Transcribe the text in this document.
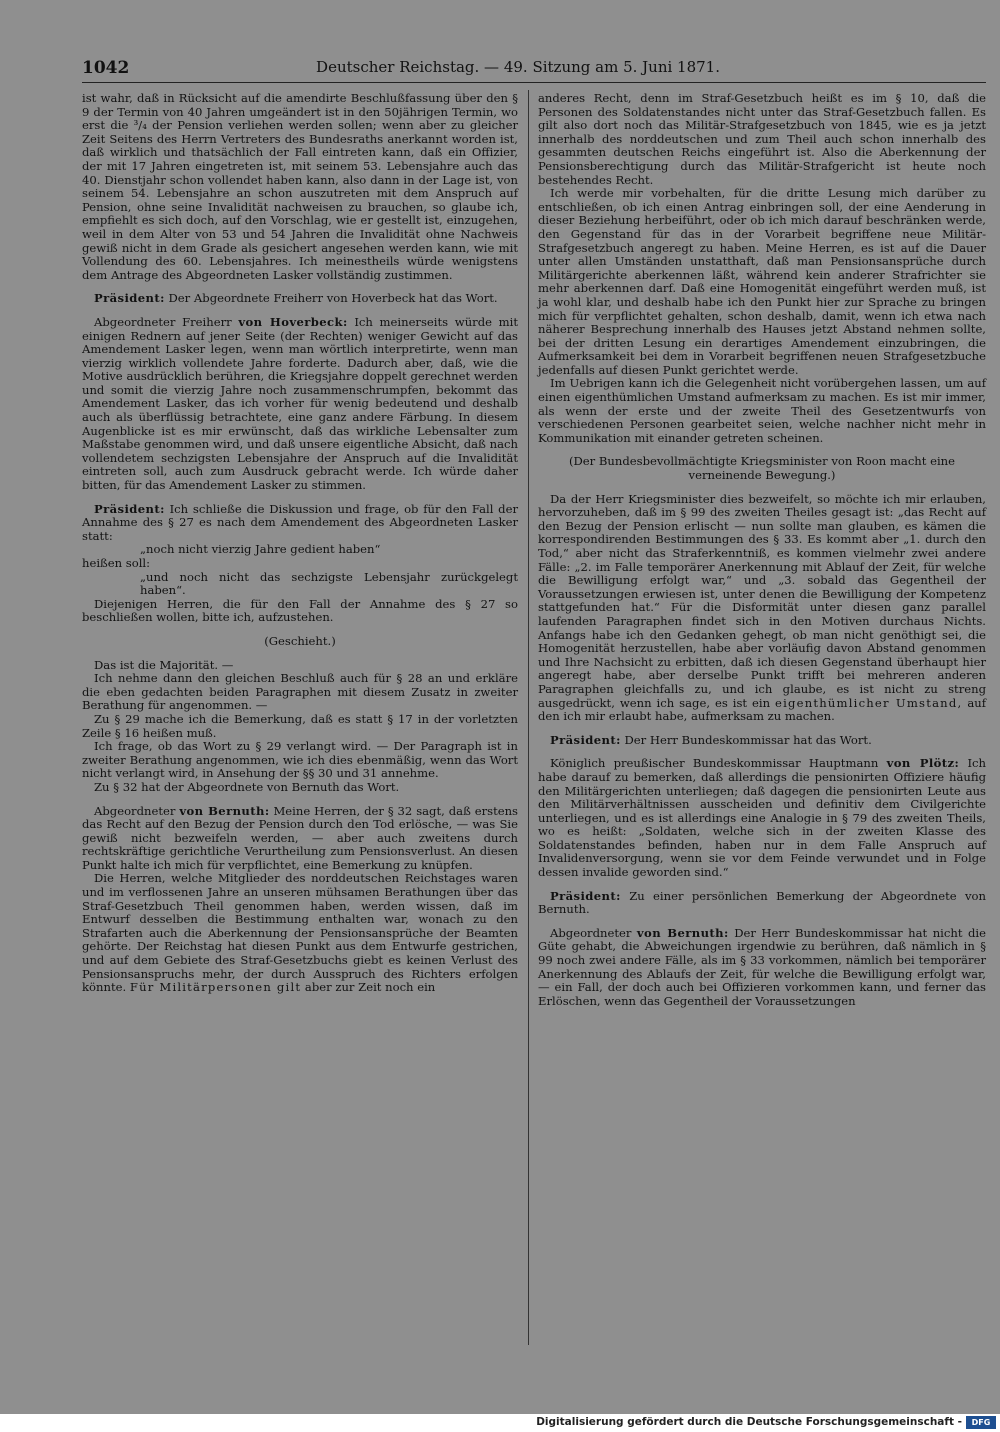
1042	Deutscher Reichstag. — 49. Sitzung am 5. Juni 1871.

ist wahr, daß in Rücksicht auf die amendirte Beschlußfassung über den § 9 der Termin von 40 Jahren umgeändert ist in den 50jährigen Termin, wo erst die ³/₄ der Pension verliehen werden sollen; wenn aber zu gleicher Zeit Seitens des Herrn Vertreters des Bundesraths anerkannt worden ist, daß wirklich und thatsächlich der Fall eintreten kann, daß ein Offizier, der mit 17 Jahren eingetreten ist, mit seinem 53. Lebensjahre auch das 40. Dienstjahr schon vollendet haben kann, also dann in der Lage ist, von seinem 54. Lebensjahre an schon auszutreten mit dem Anspruch auf Pension, ohne seine Invalidität nachweisen zu brauchen, so glaube ich, empfiehlt es sich doch, auf den Vorschlag, wie er gestellt ist, einzugehen, weil in dem Alter von 53 und 54 Jahren die Invalidität ohne Nachweis gewiß nicht in dem Grade als gesichert angesehen werden kann, wie mit Vollendung des 60. Lebensjahres. Ich meinestheils würde wenigstens dem Antrage des Abgeordneten Lasker vollständig zustimmen.

Präsident: Der Abgeordnete Freiherr von Hoverbeck hat das Wort.

Abgeordneter Freiherr von Hoverbeck: Ich meinerseits würde mit einigen Rednern auf jener Seite (der Rechten) weniger Gewicht auf das Amendement Lasker legen, wenn man wörtlich interpretirte, wenn man vierzig wirklich vollendete Jahre forderte. Dadurch aber, daß, wie die Motive ausdrücklich berühren, die Kriegsjahre doppelt gerechnet werden und somit die vierzig Jahre noch zusammenschrumpfen, bekommt das Amendement Lasker, das ich vorher für wenig bedeutend und deshalb auch als überflüssig betrachtete, eine ganz andere Färbung. In diesem Augenblicke ist es mir erwünscht, daß das wirkliche Lebensalter zum Maßstabe genommen wird, und daß unsere eigentliche Absicht, daß nach vollendetem sechzigsten Lebensjahre der Anspruch auf die Invalidität eintreten soll, auch zum Ausdruck gebracht werde. Ich würde daher bitten, für das Amendement Lasker zu stimmen.

Präsident: Ich schließe die Diskussion und frage, ob für den Fall der Annahme des § 27 es nach dem Amendement des Abgeordneten Lasker statt:

„noch nicht vierzig Jahre gedient haben“

heißen soll:

„und noch nicht das sechzigste Lebensjahr zurückgelegt haben“.

Diejenigen Herren, die für den Fall der Annahme des § 27 so beschließen wollen, bitte ich, aufzustehen.

(Geschieht.)

Das ist die Majorität. —

Ich nehme dann den gleichen Beschluß auch für § 28 an und erkläre die eben gedachten beiden Paragraphen mit diesem Zusatz in zweiter Berathung für angenommen. —

Zu § 29 mache ich die Bemerkung, daß es statt § 17 in der vorletzten Zeile § 16 heißen muß.

Ich frage, ob das Wort zu § 29 verlangt wird. — Der Paragraph ist in zweiter Berathung angenommen, wie ich dies ebenmäßig, wenn das Wort nicht verlangt wird, in Ansehung der §§ 30 und 31 annehme.

Zu § 32 hat der Abgeordnete von Bernuth das Wort.

Abgeordneter von Bernuth: Meine Herren, der § 32 sagt, daß erstens das Recht auf den Bezug der Pension durch den Tod erlösche, — was Sie gewiß nicht bezweifeln werden, — aber auch zweitens durch rechtskräftige gerichtliche Verurtheilung zum Pensionsverlust. An diesen Punkt halte ich mich für verpflichtet, eine Bemerkung zu knüpfen.

Die Herren, welche Mitglieder des norddeutschen Reichstages waren und im verflossenen Jahre an unseren mühsamen Berathungen über das Straf-Gesetzbuch Theil genommen haben, werden wissen, daß im Entwurf desselben die Bestimmung enthalten war, wonach zu den Strafarten auch die Aberkennung der Pensionsansprüche der Beamten gehörte. Der Reichstag hat diesen Punkt aus dem Entwurfe gestrichen, und auf dem Gebiete des Straf-Gesetzbuchs giebt es keinen Verlust des Pensionsanspruchs mehr, der durch Ausspruch des Richters erfolgen könnte. Für Militärpersonen gilt aber zur Zeit noch ein

anderes Recht, denn im Straf-Gesetzbuch heißt es im § 10, daß die Personen des Soldatenstandes nicht unter das Straf-Gesetzbuch fallen. Es gilt also dort noch das Militär-Strafgesetzbuch von 1845, wie es ja jetzt innerhalb des norddeutschen und zum Theil auch schon innerhalb des gesammten deutschen Reichs eingeführt ist. Also die Aberkennung der Pensionsberechtigung durch das Militär-Strafgericht ist heute noch bestehendes Recht.

Ich werde mir vorbehalten, für die dritte Lesung mich darüber zu entschließen, ob ich einen Antrag einbringen soll, der eine Aenderung in dieser Beziehung herbeiführt, oder ob ich mich darauf beschränken werde, den Gegenstand für das in der Vorarbeit begriffene neue Militär-Strafgesetzbuch angeregt zu haben. Meine Herren, es ist auf die Dauer unter allen Umständen unstatthaft, daß man Pensionsansprüche durch Militärgerichte aberkennen läßt, während kein anderer Strafrichter sie mehr aberkennen darf. Daß eine Homogenität eingeführt werden muß, ist ja wohl klar, und deshalb habe ich den Punkt hier zur Sprache zu bringen mich für verpflichtet gehalten, schon deshalb, damit, wenn ich etwa nach näherer Besprechung innerhalb des Hauses jetzt Abstand nehmen sollte, bei der dritten Lesung ein derartiges Amendement einzubringen, die Aufmerksamkeit bei dem in Vorarbeit begriffenen neuen Strafgesetzbuche jedenfalls auf diesen Punkt gerichtet werde.

Im Uebrigen kann ich die Gelegenheit nicht vorübergehen lassen, um auf einen eigenthümlichen Umstand aufmerksam zu machen. Es ist mir immer, als wenn der erste und der zweite Theil des Gesetzentwurfs von verschiedenen Personen gearbeitet seien, welche nachher nicht mehr in Kommunikation mit einander getreten scheinen.

(Der Bundesbevollmächtigte Kriegsminister von Roon macht eine verneinende Bewegung.)

Da der Herr Kriegsminister dies bezweifelt, so möchte ich mir erlauben, hervorzuheben, daß im § 99 des zweiten Theiles gesagt ist: „das Recht auf den Bezug der Pension erlischt — nun sollte man glauben, es kämen die korrespondirenden Bestimmungen des § 33. Es kommt aber „1. durch den Tod,“ aber nicht das Straferkenntniß, es kommen vielmehr zwei andere Fälle: „2. im Falle temporärer Anerkennung mit Ablauf der Zeit, für welche die Bewilligung erfolgt war,“ und „3. sobald das Gegentheil der Voraussetzungen erwiesen ist, unter denen die Bewilligung der Kompetenz stattgefunden hat.“ Für die Disformität unter diesen ganz parallel laufenden Paragraphen findet sich in den Motiven durchaus Nichts. Anfangs habe ich den Gedanken gehegt, ob man nicht genöthigt sei, die Homogenität herzustellen, habe aber vorläufig davon Abstand genommen und Ihre Nachsicht zu erbitten, daß ich diesen Gegenstand überhaupt hier angeregt habe, aber derselbe Punkt trifft bei mehreren anderen Paragraphen gleichfalls zu, und ich glaube, es ist nicht zu streng ausgedrückt, wenn ich sage, es ist ein eigenthümlicher Umstand, auf den ich mir erlaubt habe, aufmerksam zu machen.

Präsident: Der Herr Bundeskommissar hat das Wort.

Königlich preußischer Bundeskommissar Hauptmann von Plötz: Ich habe darauf zu bemerken, daß allerdings die pensionirten Offiziere häufig den Militärgerichten unterliegen; daß dagegen die pensionirten Leute aus den Militärverhältnissen ausscheiden und definitiv dem Civilgerichte unterliegen, und es ist allerdings eine Analogie in § 79 des zweiten Theils, wo es heißt: „Soldaten, welche sich in der zweiten Klasse des Soldatenstandes befinden, haben nur in dem Falle Anspruch auf Invalidenversorgung, wenn sie vor dem Feinde verwundet und in Folge dessen invalide geworden sind.“

Präsident: Zu einer persönlichen Bemerkung der Abgeordnete von Bernuth.

Abgeordneter von Bernuth: Der Herr Bundeskommissar hat nicht die Güte gehabt, die Abweichungen irgendwie zu berühren, daß nämlich in § 99 noch zwei andere Fälle, als im § 33 vorkommen, nämlich bei temporärer Anerkennung des Ablaufs der Zeit, für welche die Bewilligung erfolgt war, — ein Fall, der doch auch bei Offizieren vorkommen kann, und ferner das Erlöschen, wenn das Gegentheil der Voraussetzungen

Digitalisierung gefördert durch die Deutsche Forschungsgemeinschaft -	DFG
